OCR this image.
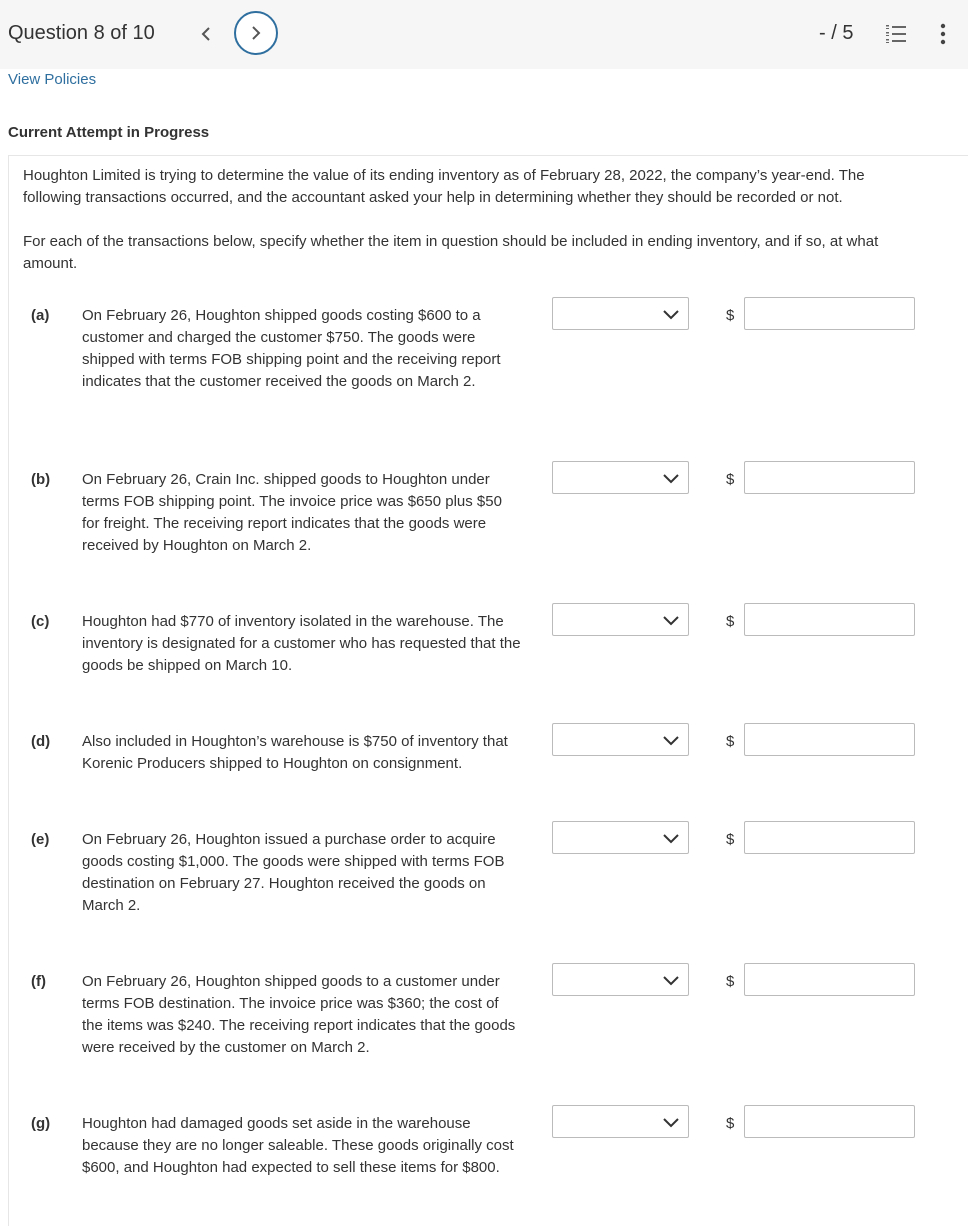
Question 8 of 10	- / 5
View Policies
Current Attempt in Progress

Houghton Limited is trying to determine the value of its ending inventory as of February 28, 2022, the company’s year-end. The following transactions occurred, and the accountant asked your help in determining whether they should be recorded or not.

For each of the transactions below, specify whether the item in question should be included in ending inventory, and if so, at what amount.

(a) On February 26, Houghton shipped goods costing $600 to a customer and charged the customer $750. The goods were shipped with terms FOB shipping point and the receiving report indicates that the customer received the goods on March 2.

$
(b) On February 26, Crain Inc. shipped goods to Houghton under terms FOB shipping point. The invoice price was $650 plus $50 for freight. The receiving report indicates that the goods were received by Houghton on March 2.

$
(c) Houghton had $770 of inventory isolated in the warehouse. The inventory is designated for a customer who has requested that the goods be shipped on March 10.

$
(d) Also included in Houghton’s warehouse is $750 of inventory that Korenic Producers shipped to Houghton on consignment.

$
(e) On February 26, Houghton issued a purchase order to acquire goods costing $1,000. The goods were shipped with terms FOB destination on February 27. Houghton received the goods on March 2.

$
(f) On February 26, Houghton shipped goods to a customer under terms FOB destination. The invoice price was $360; the cost of the items was $240. The receiving report indicates that the goods were received by the customer on March 2.

$
(g) Houghton had damaged goods set aside in the warehouse because they are no longer saleable. These goods originally cost $600, and Houghton had expected to sell these items for $800.

$
